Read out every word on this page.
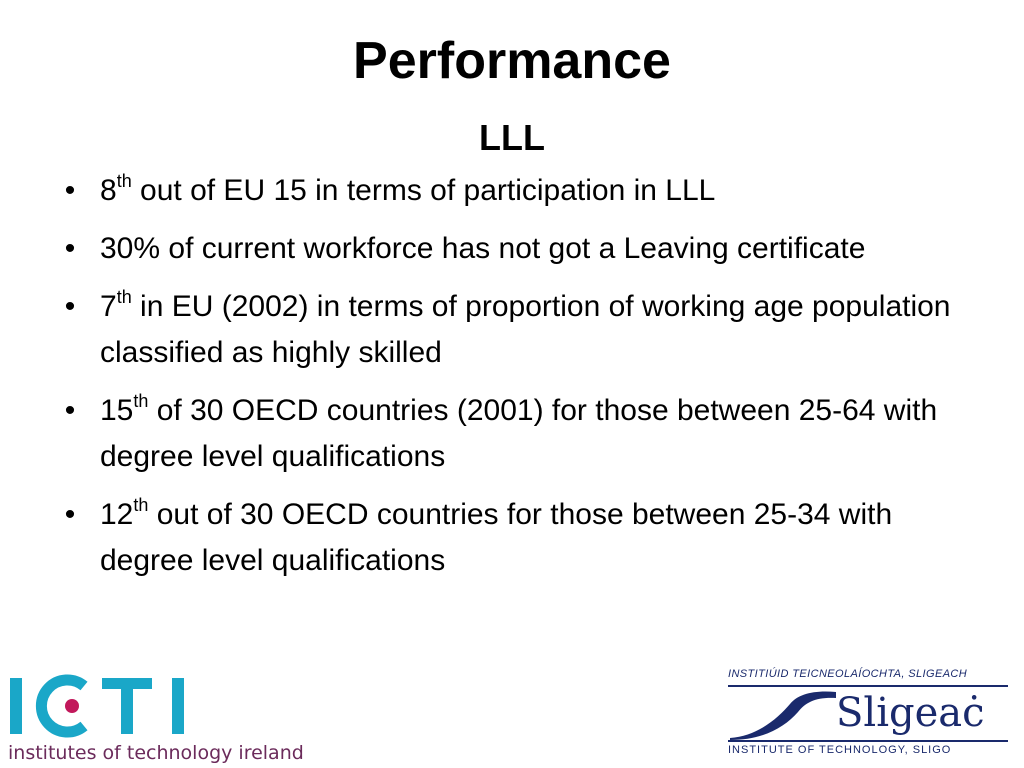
Performance
LLL
• 8th out of EU 15 in terms of participation in LLL
• 30% of current workforce has not got a Leaving certificate
• 7th in EU (2002) in terms of proportion of working age population classified as highly skilled
• 15th of 30 OECD countries (2001) for those between 25-64 with degree level qualifications
• 12th out of 30 OECD countries for those between 25-34 with degree level qualifications
institutes of technology ireland
INSTITIÚID TEICNEOLAÍOCHTA, SLIGEACH
Sligeaċ
INSTITUTE OF TECHNOLOGY, SLIGO
